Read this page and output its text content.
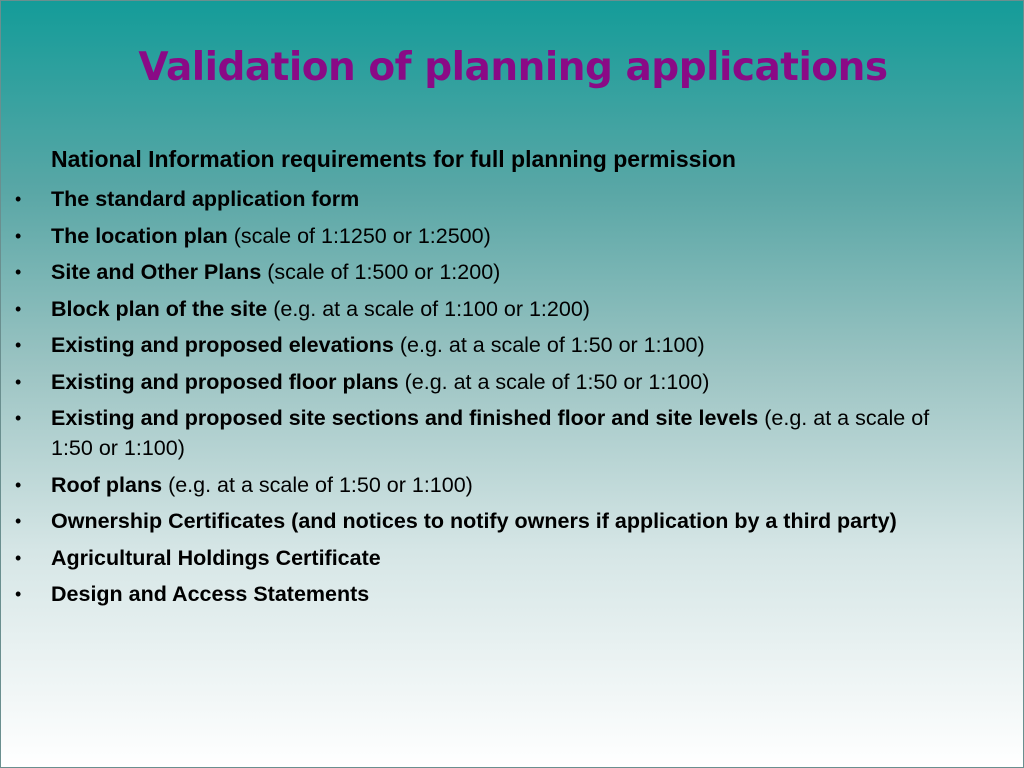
Validation of planning applications
National Information requirements for full planning permission
• The standard application form
• The location plan (scale of 1:1250 or 1:2500)
• Site and Other Plans (scale of 1:500 or 1:200)
• Block plan of the site (e.g. at a scale of 1:100 or 1:200)
• Existing and proposed elevations (e.g. at a scale of 1:50 or 1:100)
• Existing and proposed floor plans (e.g. at a scale of 1:50 or 1:100)
• Existing and proposed site sections and finished floor and site levels (e.g. at a scale of 1:50 or 1:100)
• Roof plans (e.g. at a scale of 1:50 or 1:100)
• Ownership Certificates (and notices to notify owners if application by a third party)
• Agricultural Holdings Certificate
• Design and Access Statements
